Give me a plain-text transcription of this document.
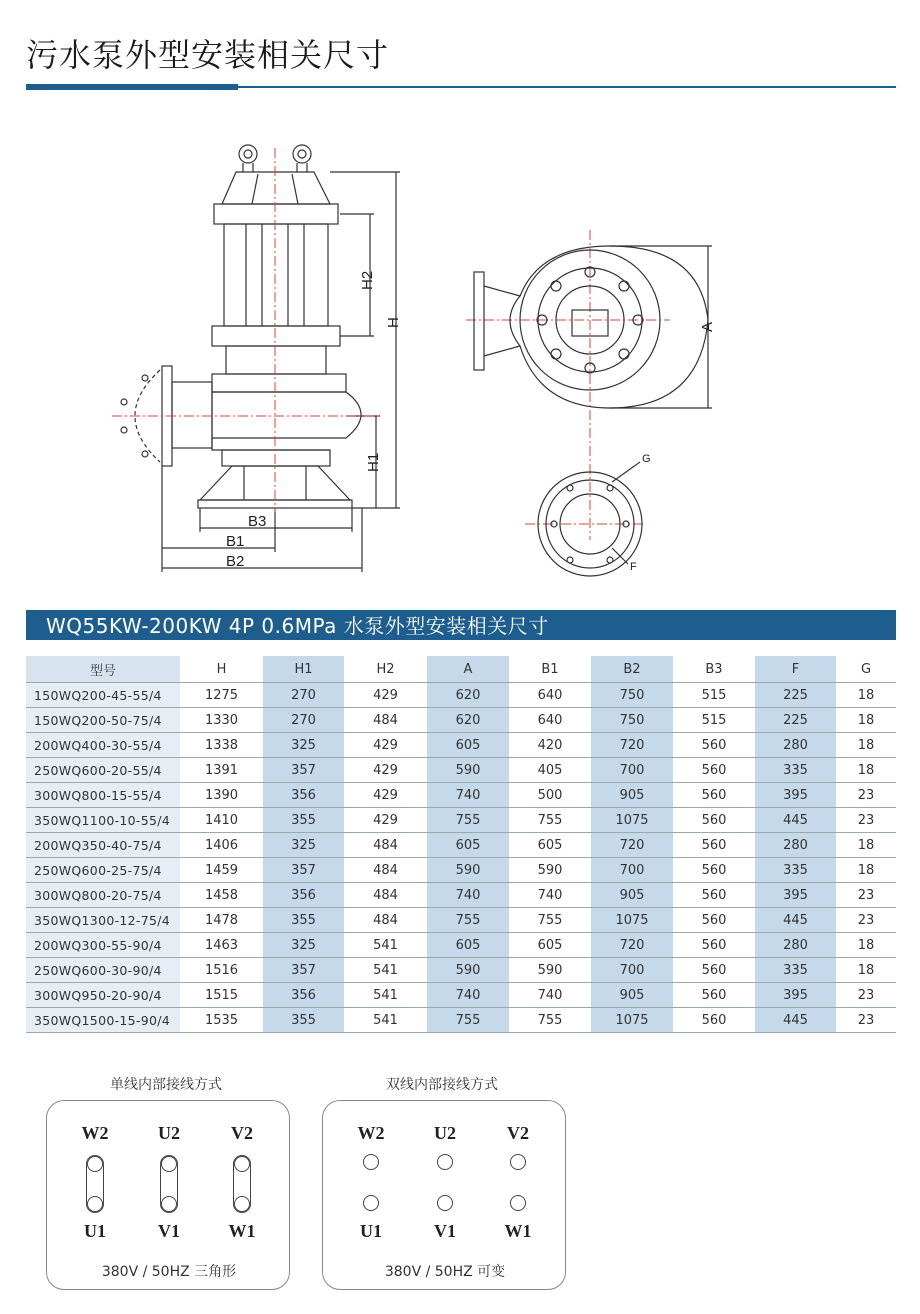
污水泵外型安装相关尺寸
H2
H
H1
B3
B1
B2
A
G
F
WQ55KW-200KW 4P 0.6MPa 水泵外型安装相关尺寸
型号	H	H1	H2	A	B1	B2	B3	F	G
150WQ200-45-55/4	1275	270	429	620	640	750	515	225	18
150WQ200-50-75/4	1330	270	484	620	640	750	515	225	18
200WQ400-30-55/4	1338	325	429	605	420	720	560	280	18
250WQ600-20-55/4	1391	357	429	590	405	700	560	335	18
300WQ800-15-55/4	1390	356	429	740	500	905	560	395	23
350WQ1100-10-55/4	1410	355	429	755	755	1075	560	445	23
200WQ350-40-75/4	1406	325	484	605	605	720	560	280	18
250WQ600-25-75/4	1459	357	484	590	590	700	560	335	18
300WQ800-20-75/4	1458	356	484	740	740	905	560	395	23
350WQ1300-12-75/4	1478	355	484	755	755	1075	560	445	23
200WQ300-55-90/4	1463	325	541	605	605	720	560	280	18
250WQ600-30-90/4	1516	357	541	590	590	700	560	335	18
300WQ950-20-90/4	1515	356	541	740	740	905	560	395	23
350WQ1500-15-90/4	1535	355	541	755	755	1075	560	445	23
单线内部接线方式
W2	U2	V2
U1	V1	W1
380V / 50HZ 三角形
双线内部接线方式
W2	U2	V2
U1	V1	W1
380V / 50HZ 可变
